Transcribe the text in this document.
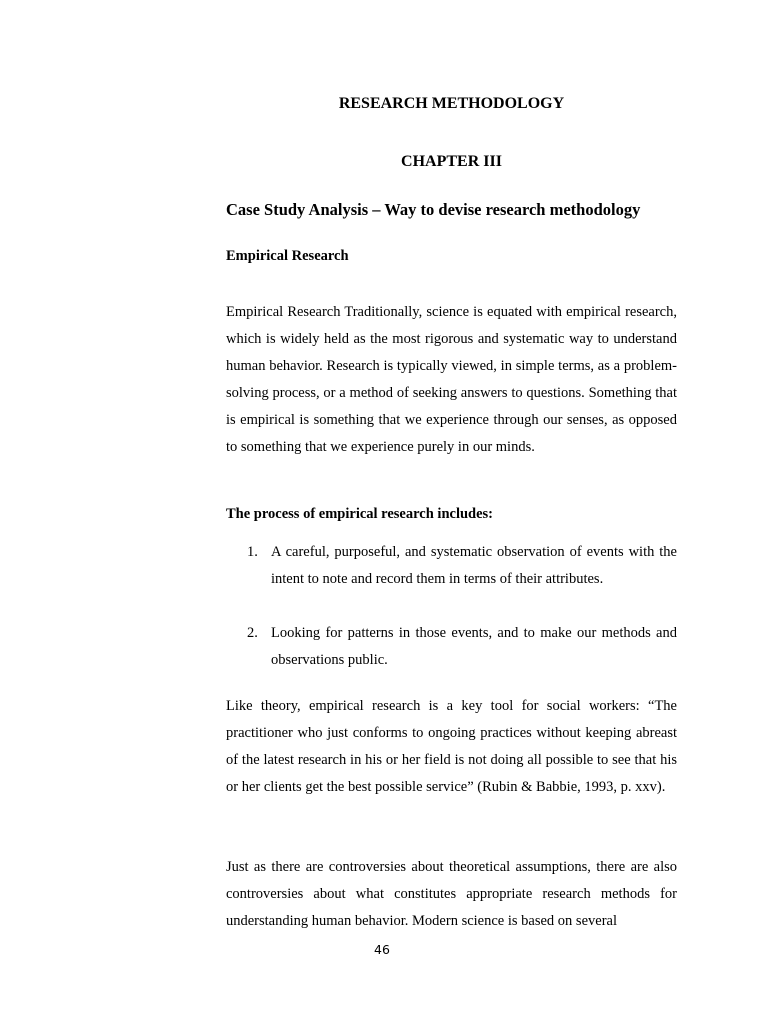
RESEARCH METHODOLOGY
CHAPTER III
Case Study Analysis – Way to devise research methodology
Empirical Research

Empirical Research Traditionally, science is equated with empirical research, which is widely held as the most rigorous and systematic way to understand human behavior. Research is typically viewed, in simple terms, as a problem-solving process, or a method of seeking answers to questions. Something that is empirical is something that we experience through our senses, as opposed to something that we experience purely in our minds.

The process of empirical research includes:
1. A careful, purposeful, and systematic observation of events with the intent to note and record them in terms of their attributes.

2. Looking for patterns in those events, and to make our methods and observations public.

Like theory, empirical research is a key tool for social workers: “The practitioner who just conforms to ongoing practices without keeping abreast of the latest research in his or her field is not doing all possible to see that his or her clients get the best possible service” (Rubin & Babbie, 1993, p. xxv).

Just as there are controversies about theoretical assumptions, there are also controversies about what constitutes appropriate research methods for understanding human behavior. Modern science is based on several

46
